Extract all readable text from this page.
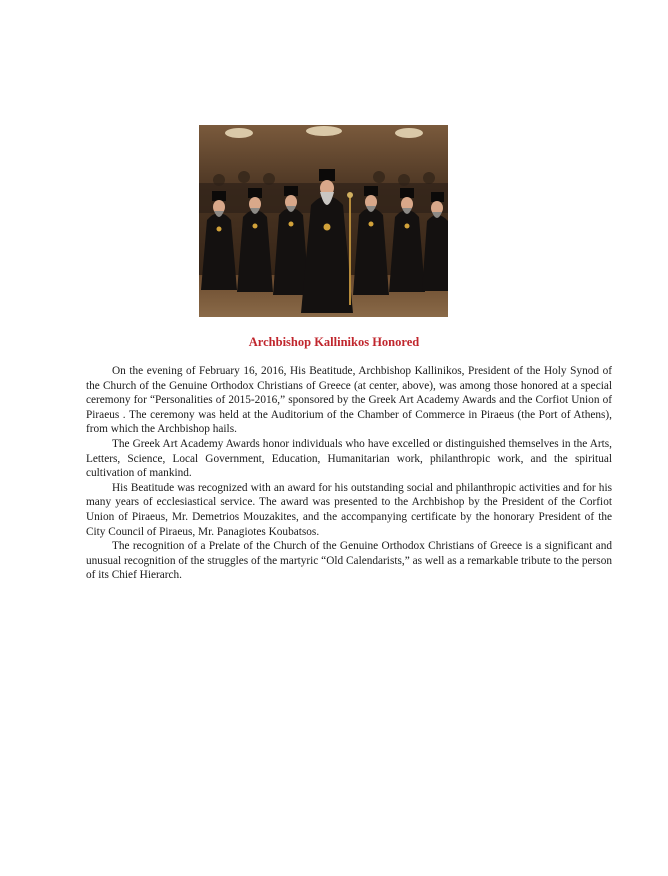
Archbishop Kallinikos Honored

On the evening of February 16, 2016, His Beatitude, Archbishop Kallinikos, President of the Holy Synod of the Church of the Genuine Orthodox Christians of Greece (at center, above), was among those honored at a special ceremony for “Personalities of 2015-2016,” sponsored by the Greek Art Academy Awards and the Corfiot Union of Piraeus . The ceremony was held at the Auditorium of the Chamber of Commerce in Piraeus (the Port of Athens), from which the Archbishop hails.

The Greek Art Academy Awards honor individuals who have excelled or distinguished themselves in the Arts, Letters, Science, Local Government, Education, Humanitarian work, philanthropic work, and the spiritual cultivation of mankind.

His Beatitude was recognized with an award for his outstanding social and philanthropic activities and for his many years of ecclesiastical service. The award was presented to the Archbishop by the President of the Corfiot Union of Piraeus, Mr. Demetrios Mouzakites, and the accompanying certificate by the honorary President of the City Council of Piraeus, Mr. Panagiotes Koubatsos.

The recognition of a Prelate of the Church of the Genuine Orthodox Christians of Greece is a significant and unusual recognition of the struggles of the martyric “Old Calendarists,” as well as a remarkable tribute to the person of its Chief Hierarch.
